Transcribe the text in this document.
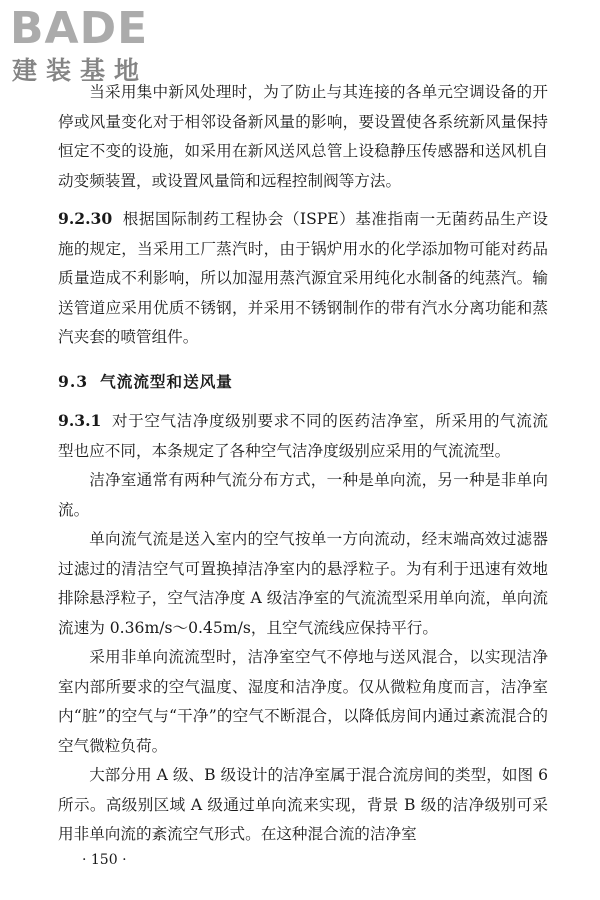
BADE
建装基地

当采用集中新风处理时，为了防止与其连接的各单元空调设备的开停或风量变化对于相邻设备新风量的影响，要设置使各系统新风量保持恒定不变的设施，如采用在新风送风总管上设稳静压传感器和送风机自动变频装置，或设置风量筒和远程控制阀等方法。

9.2.30 根据国际制药工程协会（ISPE）基准指南一无菌药品生产设施的规定，当采用工厂蒸汽时，由于锅炉用水的化学添加物可能对药品质量造成不利影响，所以加湿用蒸汽源宜采用纯化水制备的纯蒸汽。输送管道应采用优质不锈钢，并采用不锈钢制作的带有汽水分离功能和蒸汽夹套的喷管组件。

9.3 气流流型和送风量

9.3.1 对于空气洁净度级别要求不同的医药洁净室，所采用的气流流型也应不同，本条规定了各种空气洁净度级别应采用的气流流型。

洁净室通常有两种气流分布方式，一种是单向流，另一种是非单向流。

单向流气流是送入室内的空气按单一方向流动，经末端高效过滤器过滤过的清洁空气可置换掉洁净室内的悬浮粒子。为有利于迅速有效地排除悬浮粒子，空气洁净度 A 级洁净室的气流流型采用单向流，单向流流速为 0.36m/s～0.45m/s，且空气流线应保持平行。

采用非单向流流型时，洁净室空气不停地与送风混合，以实现洁净室内部所要求的空气温度、湿度和洁净度。仅从微粒角度而言，洁净室内“脏”的空气与“干净”的空气不断混合，以降低房间内通过紊流混合的空气微粒负荷。

大部分用 A 级、B 级设计的洁净室属于混合流房间的类型，如图 6 所示。高级别区域 A 级通过单向流来实现，背景 B 级的洁净级别可采用非单向流的紊流空气形式。在这种混合流的洁净室

· 150 ·
